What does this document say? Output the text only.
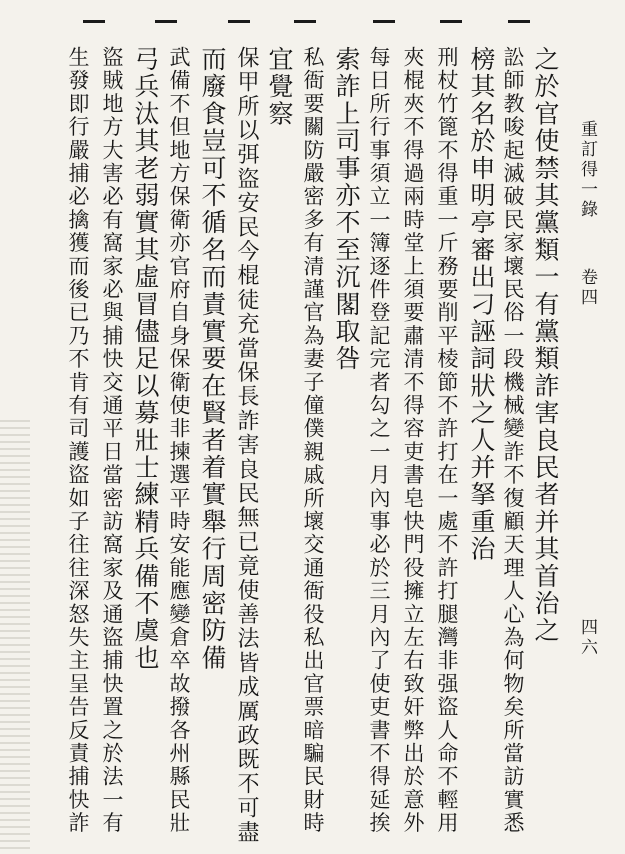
重訂得一錄
卷四
四六
之於官使禁其黨類一有黨類詐害良民者并其首治之
訟師教唆起滅破民家壞民俗一段機械變詐不復顧天理人心為何物矣所當訪實悉
榜其名於申明亭審出刁誣詞狀之人并拏重治
刑杖竹篦不得重一斤務要削平棱節不許打在一處不許打腿灣非强盜人命不輕用
夾棍夾不得過兩時堂上須要肅清不得容吏書皂快門役擁立左右致奸弊出於意外
每日所行事須立一簿逐件登記完者勾之一月內事必於三月內了使吏書不得延挨
索詐上司事亦不至沉閣取咎
私衙要關防嚴密多有清謹官為妻子僮僕親戚所壞交通衙役私出官票暗騙民財時
宜覺察
保甲所以弭盜安民今棍徒充當保長詐害良民無已竟使善法皆成厲政既不可盡
而廢食豈可不循名而責實要在賢者着實舉行周密防備
武備不但地方保衛亦官府自身保衛使非揀選平時安能應變倉卒故撥各州縣民壯
弓兵汰其老弱實其虛冒儘足以募壯士練精兵備不虞也
盜賊地方大害必有窩家必與捕快交通平日當密訪窩家及通盜捕快置之於法一有
生發即行嚴捕必擒獲而後已乃不肯有司護盜如子往往深怒失主呈告反責捕快詐
